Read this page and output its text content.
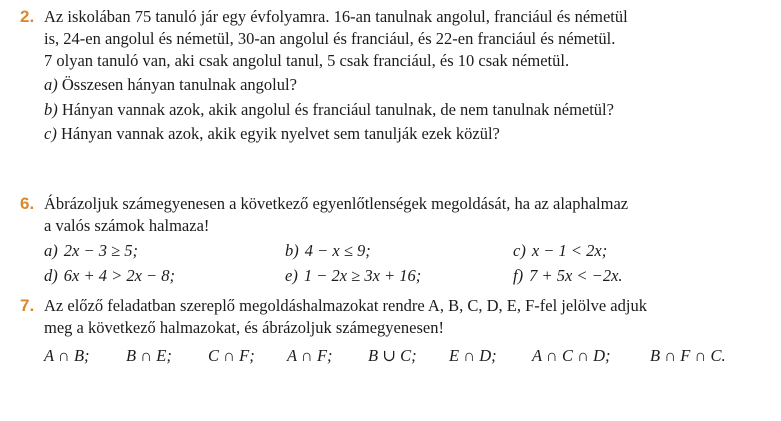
2. Az iskolában 75 tanuló jár egy évfolyamra. 16-an tanulnak angolul, franciául és németül
is, 24-en angolul és németül, 30-an angolul és franciául, és 22-en franciául és németül.
7 olyan tanuló van, aki csak angolul tanul, 5 csak franciául, és 10 csak németül.
a) Összesen hányan tanulnak angolul?
b) Hányan vannak azok, akik angolul és franciául tanulnak, de nem tanulnak németül?
c) Hányan vannak azok, akik egyik nyelvet sem tanulják ezek közül?
6. Ábrázoljuk számegyenesen a következő egyenlőtlenségek megoldását, ha az alaphalmaz
a valós számok halmaza!
a) 2x − 3 ≥ 5;	b) 4 − x ≤ 9;	c) x − 1 < 2x;
d) 6x + 4 > 2x − 8;	e) 1 − 2x ≥ 3x + 16;	f) 7 + 5x < −2x.
7. Az előző feladatban szereplő megoldáshalmazokat rendre A, B, C, D, E, F-fel jelölve adjuk
meg a következő halmazokat, és ábrázoljuk számegyenesen!
A ∩ B; B ∩ E; C ∩ F; A ∩ F; B ∪ C; E ∩ D; A ∩ C ∩ D; B ∩ F ∩ C.
